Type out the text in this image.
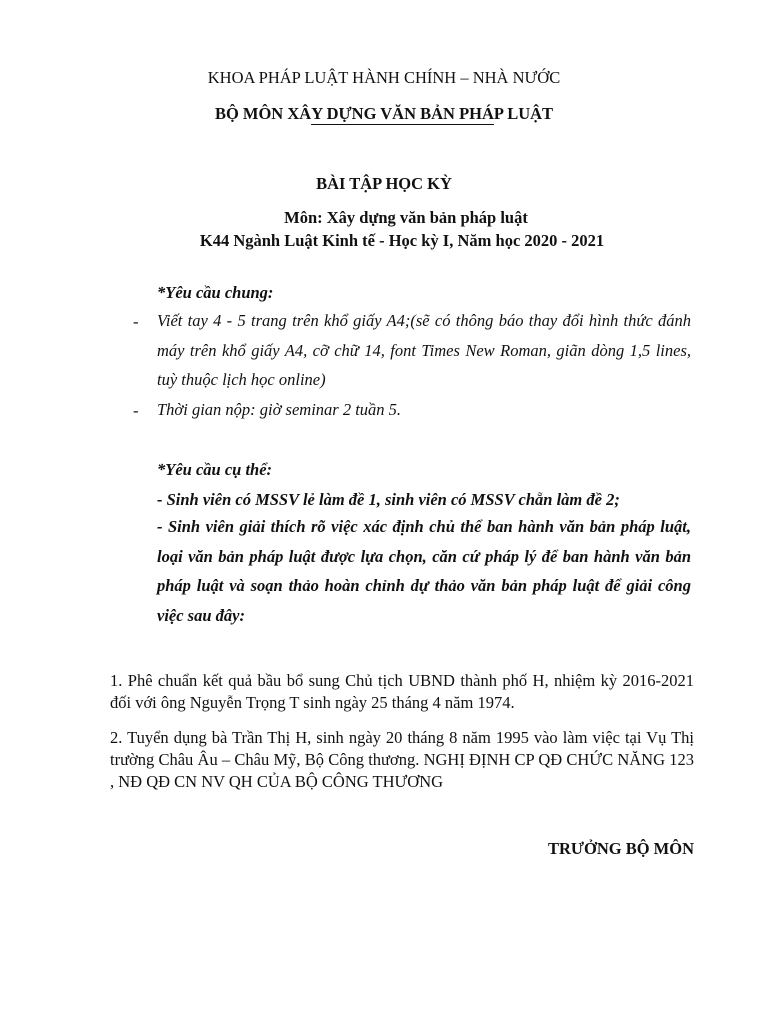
KHOA PHÁP LUẬT HÀNH CHÍNH – NHÀ NƯỚC
BỘ MÔN XÂY DỰNG VĂN BẢN PHÁP LUẬT
BÀI TẬP HỌC KỲ
Môn: Xây dựng văn bản pháp luật
K44 Ngành Luật Kinh tế - Học kỳ I, Năm học 2020 - 2021
*Yêu cầu chung:
- Viết tay 4 - 5 trang trên khổ giấy A4;(sẽ có thông báo thay đổi hình thức đánh máy trên khổ giấy A4, cỡ chữ 14, font Times New Roman, giãn dòng 1,5 lines, tuỳ thuộc lịch học online)
- Thời gian nộp: giờ seminar 2 tuần 5.
*Yêu cầu cụ thể:
- Sinh viên có MSSV lẻ làm đề 1, sinh viên có MSSV chẵn làm đề 2;
- Sinh viên giải thích rõ việc xác định chủ thể ban hành văn bản pháp luật, loại văn bản pháp luật được lựa chọn, căn cứ pháp lý để ban hành văn bản pháp luật và soạn thảo hoàn chỉnh dự thảo văn bản pháp luật để giải công việc sau đây:
1. Phê chuẩn kết quả bầu bổ sung Chủ tịch UBND thành phố H, nhiệm kỳ 2016-2021 đối với ông Nguyễn Trọng T sinh ngày 25 tháng 4 năm 1974.
2. Tuyển dụng bà Trần Thị H, sinh ngày 20 tháng 8 năm 1995 vào làm việc tại Vụ Thị trường Châu Âu – Châu Mỹ, Bộ Công thương. NGHỊ ĐỊNH CP QĐ CHỨC NĂNG 123 , NĐ QĐ CN NV QH CỦA BỘ CÔNG THƯƠNG
TRƯỞNG BỘ MÔN
